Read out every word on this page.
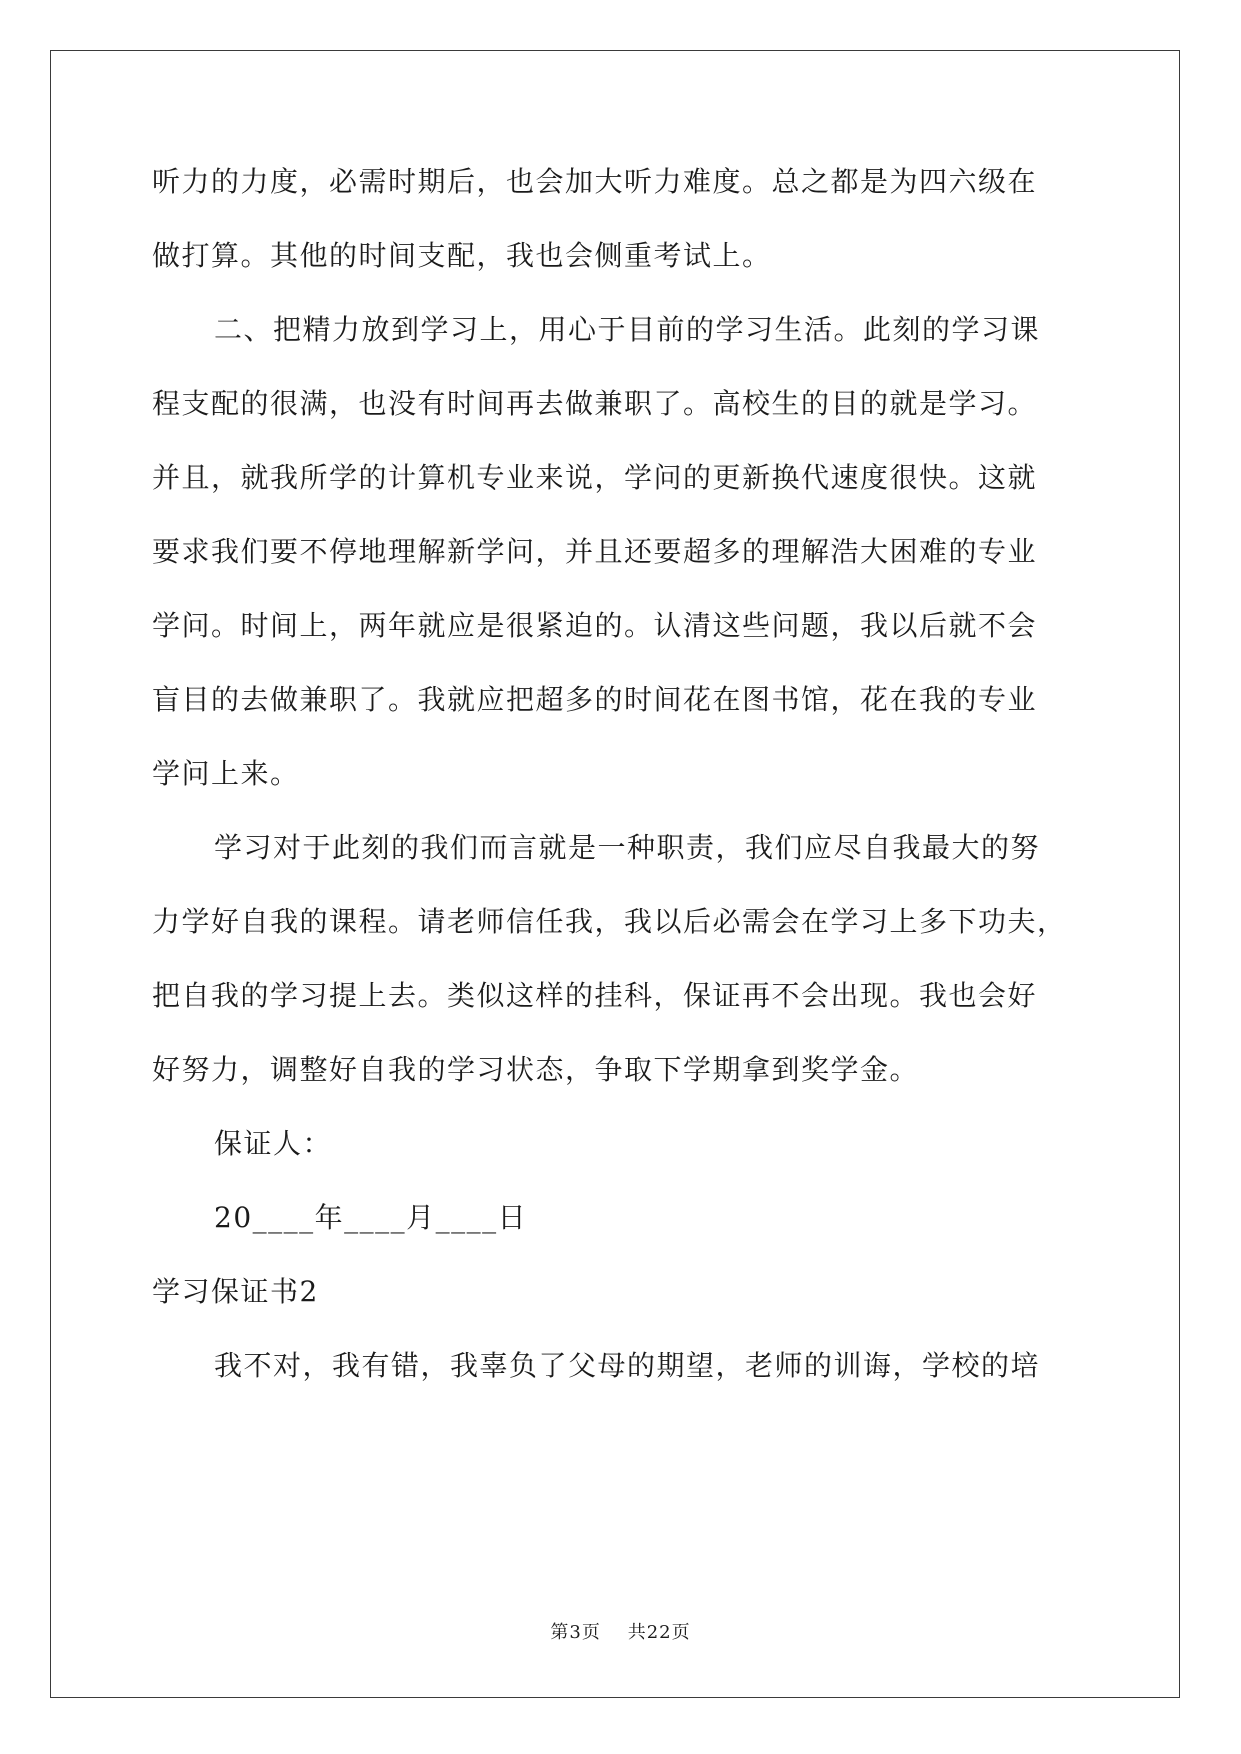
听力的力度，必需时期后，也会加大听力难度。总之都是为四六级在
做打算。其他的时间支配，我也会侧重考试上。
二、把精力放到学习上，用心于目前的学习生活。此刻的学习课
程支配的很满，也没有时间再去做兼职了。高校生的目的就是学习。
并且，就我所学的计算机专业来说，学问的更新换代速度很快。这就
要求我们要不停地理解新学问，并且还要超多的理解浩大困难的专业
学问。时间上，两年就应是很紧迫的。认清这些问题，我以后就不会
盲目的去做兼职了。我就应把超多的时间花在图书馆，花在我的专业
学问上来。
学习对于此刻的我们而言就是一种职责，我们应尽自我最大的努
力学好自我的课程。请老师信任我，我以后必需会在学习上多下功夫，
把自我的学习提上去。类似这样的挂科，保证再不会出现。我也会好
好努力，调整好自我的学习状态，争取下学期拿到奖学金。
保证人：
20____年____月____日
学习保证书2
我不对，我有错，我辜负了父母的期望，老师的训诲，学校的培
第3页    共22页
